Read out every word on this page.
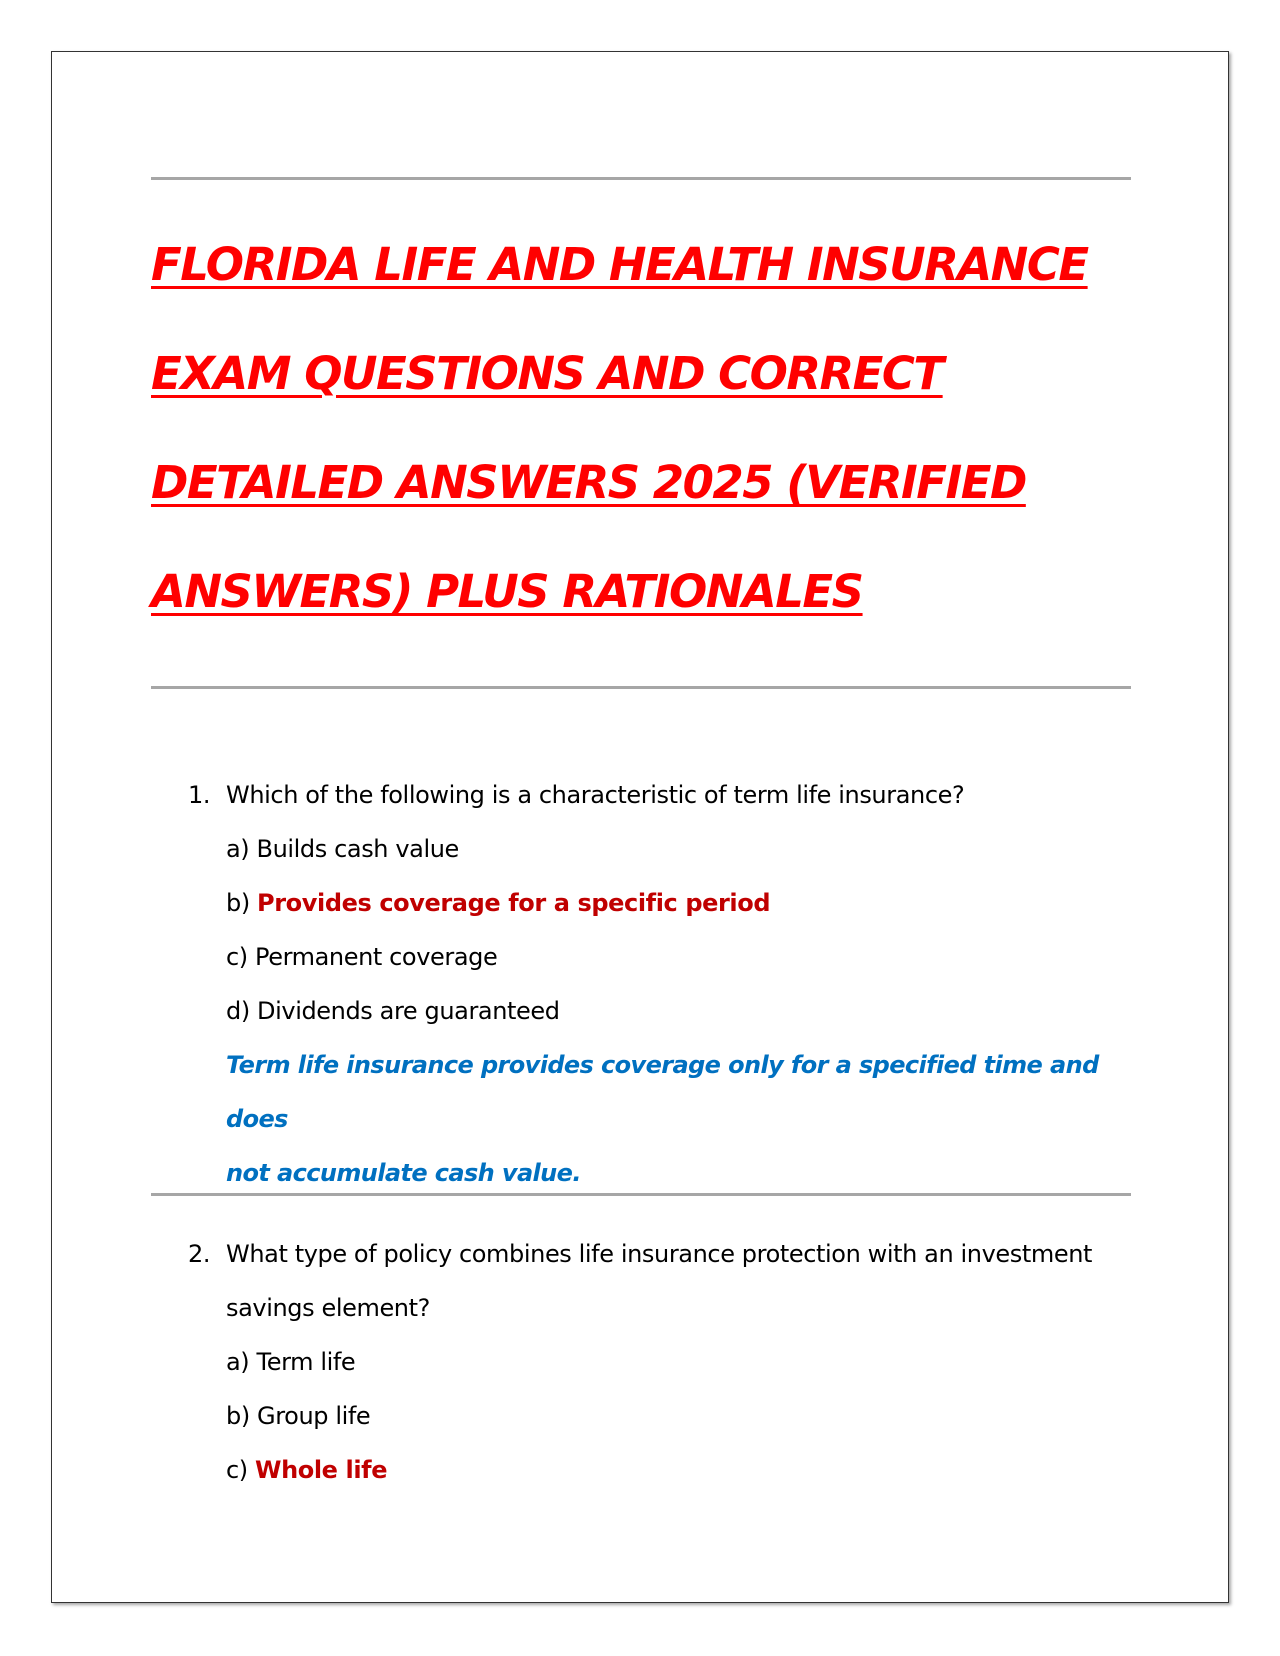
FLORIDA LIFE AND HEALTH INSURANCE
EXAM QUESTIONS AND CORRECT
DETAILED ANSWERS 2025 (VERIFIED
ANSWERS) PLUS RATIONALES
1. Which of the following is a characteristic of term life insurance?
a) Builds cash value
b) Provides coverage for a specific period
c) Permanent coverage
d) Dividends are guaranteed
Term life insurance provides coverage only for a specified time and does
not accumulate cash value.
2. What type of policy combines life insurance protection with an investment
savings element?
a) Term life
b) Group life
c) Whole life
